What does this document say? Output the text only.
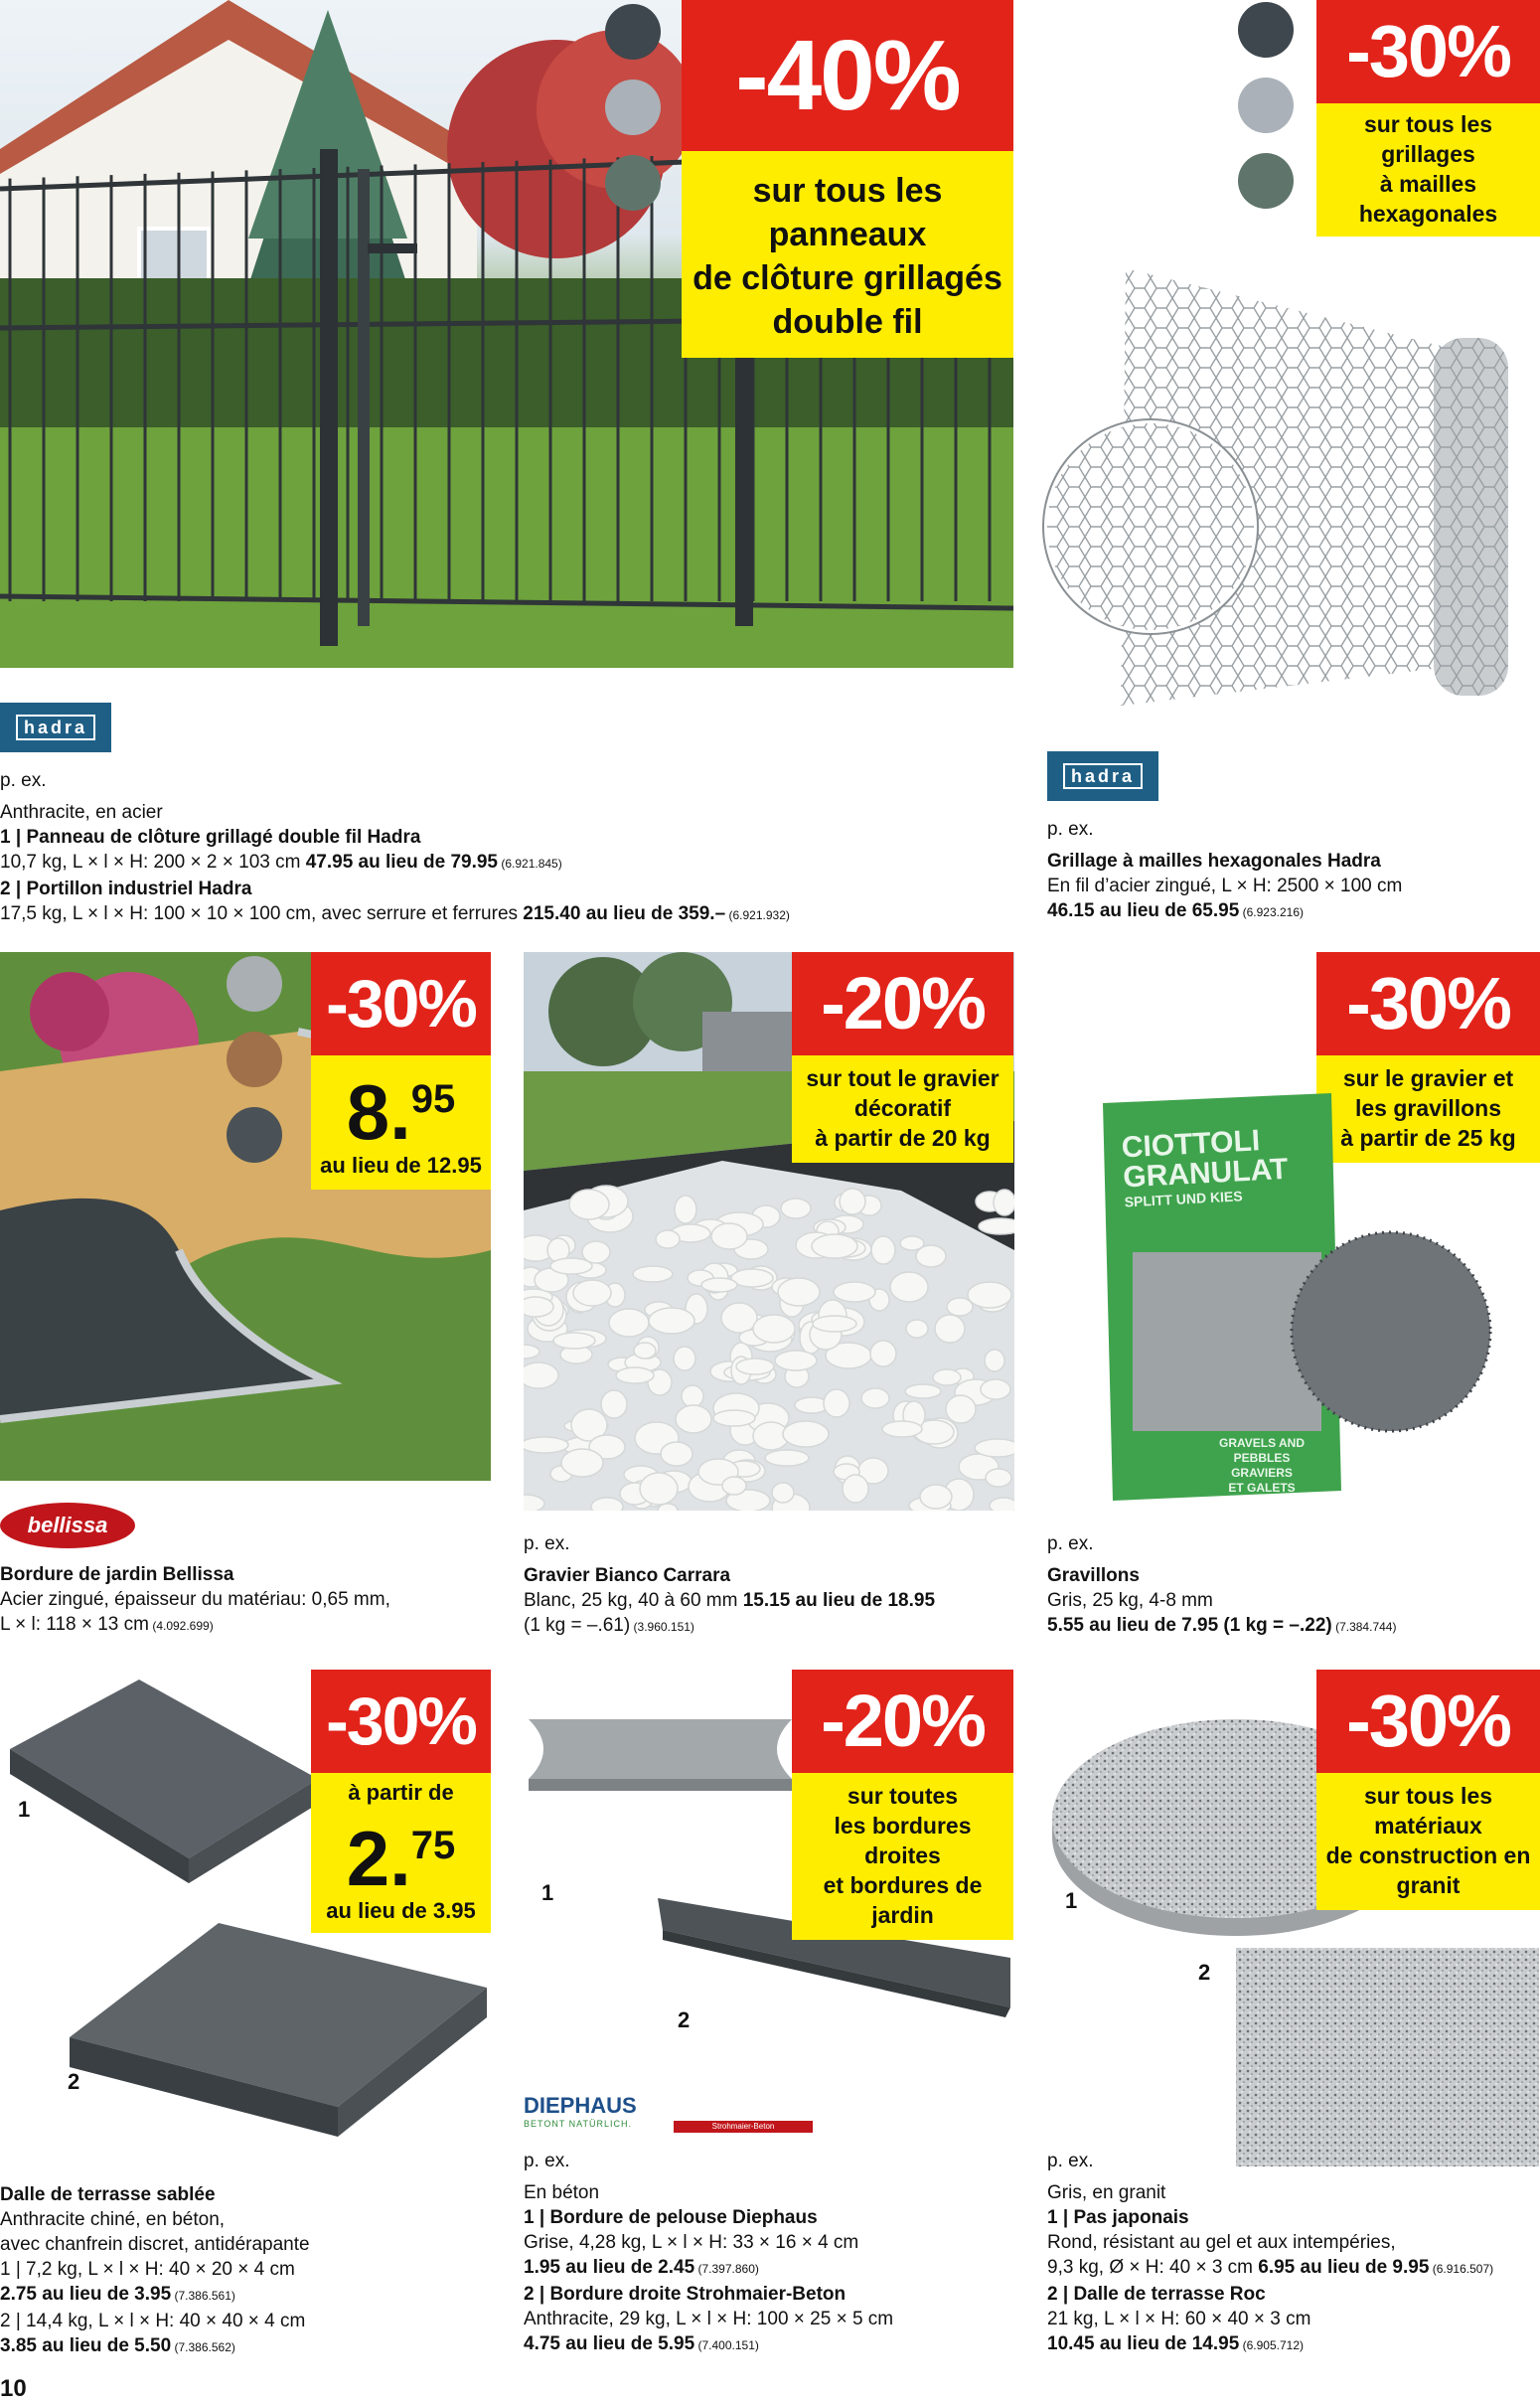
-40%
sur tous les panneaux
de clôture grillagés
double fil
-30%
sur tous les grillages
à mailles hexagonales
hadra
p. ex.
Anthracite, en acier
1 | Panneau de clôture grillagé double fil Hadra
10,7 kg, L × l × H: 200 × 2 × 103 cm 47.95 au lieu de 79.95 (6.921.845)
2 | Portillon industriel Hadra
17,5 kg, L × l × H: 100 × 10 × 100 cm, avec serrure et ferrures 215.40 au lieu de 359.– (6.921.932)
hadra
p. ex.
Grillage à mailles hexagonales Hadra
En fil d’acier zingué, L × H: 2500 × 100 cm
46.15 au lieu de 65.95 (6.923.216)
-30%
8.95
au lieu de 12.95
bellissa
Bordure de jardin Bellissa
Acier zingué, épaisseur du matériau: 0,65 mm,
L × l: 118 × 13 cm (4.092.699)
-20%
sur tout le gravier
décoratif
à partir de 20 kg
p. ex.
Gravier Bianco Carrara
Blanc, 25 kg, 40 à 60 mm 15.15 au lieu de 18.95
(1 kg = –.61) (3.960.151)
-30%
sur le gravier et
les gravillons
à partir de 25 kg
CIOTTOLI
GRANULAT
SPLITT UND KIES
GRAVELS AND
PEBBLES
GRAVIERS
ET GALETS
p. ex.
Gravillons
Gris, 25 kg, 4-8 mm
5.55 au lieu de 7.95 (1 kg = –.22) (7.384.744)
1
2
-30%
à partir de
2.75
au lieu de 3.95
Dalle de terrasse sablée
Anthracite chiné, en béton,
avec chanfrein discret, antidérapante
1 | 7,2 kg, L × l × H: 40 × 20 × 4 cm
2.75 au lieu de 3.95 (7.386.561)
2 | 14,4 kg, L × l × H: 40 × 40 × 4 cm
3.85 au lieu de 5.50 (7.386.562)
1
2
-20%
sur toutes
les bordures droites
et bordures de jardin
DIEPHAUS
BETONT NATÜRLICH.	Strohmaier-Beton
p. ex.
En béton
1 | Bordure de pelouse Diephaus
Grise, 4,28 kg, L × l × H: 33 × 16 × 4 cm
1.95 au lieu de 2.45 (7.397.860)
2 | Bordure droite Strohmaier-Beton
Anthracite, 29 kg, L × l × H: 100 × 25 × 5 cm
4.75 au lieu de 5.95 (7.400.151)
1
2
-30%
sur tous les matériaux
de construction en
granit
p. ex.
Gris, en granit
1 | Pas japonais
Rond, résistant au gel et aux intempéries,
9,3 kg, Ø × H: 40 × 3 cm 6.95 au lieu de 9.95 (6.916.507)
2 | Dalle de terrasse Roc
21 kg, L × l × H: 60 × 40 × 3 cm
10.45 au lieu de 14.95 (6.905.712)
10
